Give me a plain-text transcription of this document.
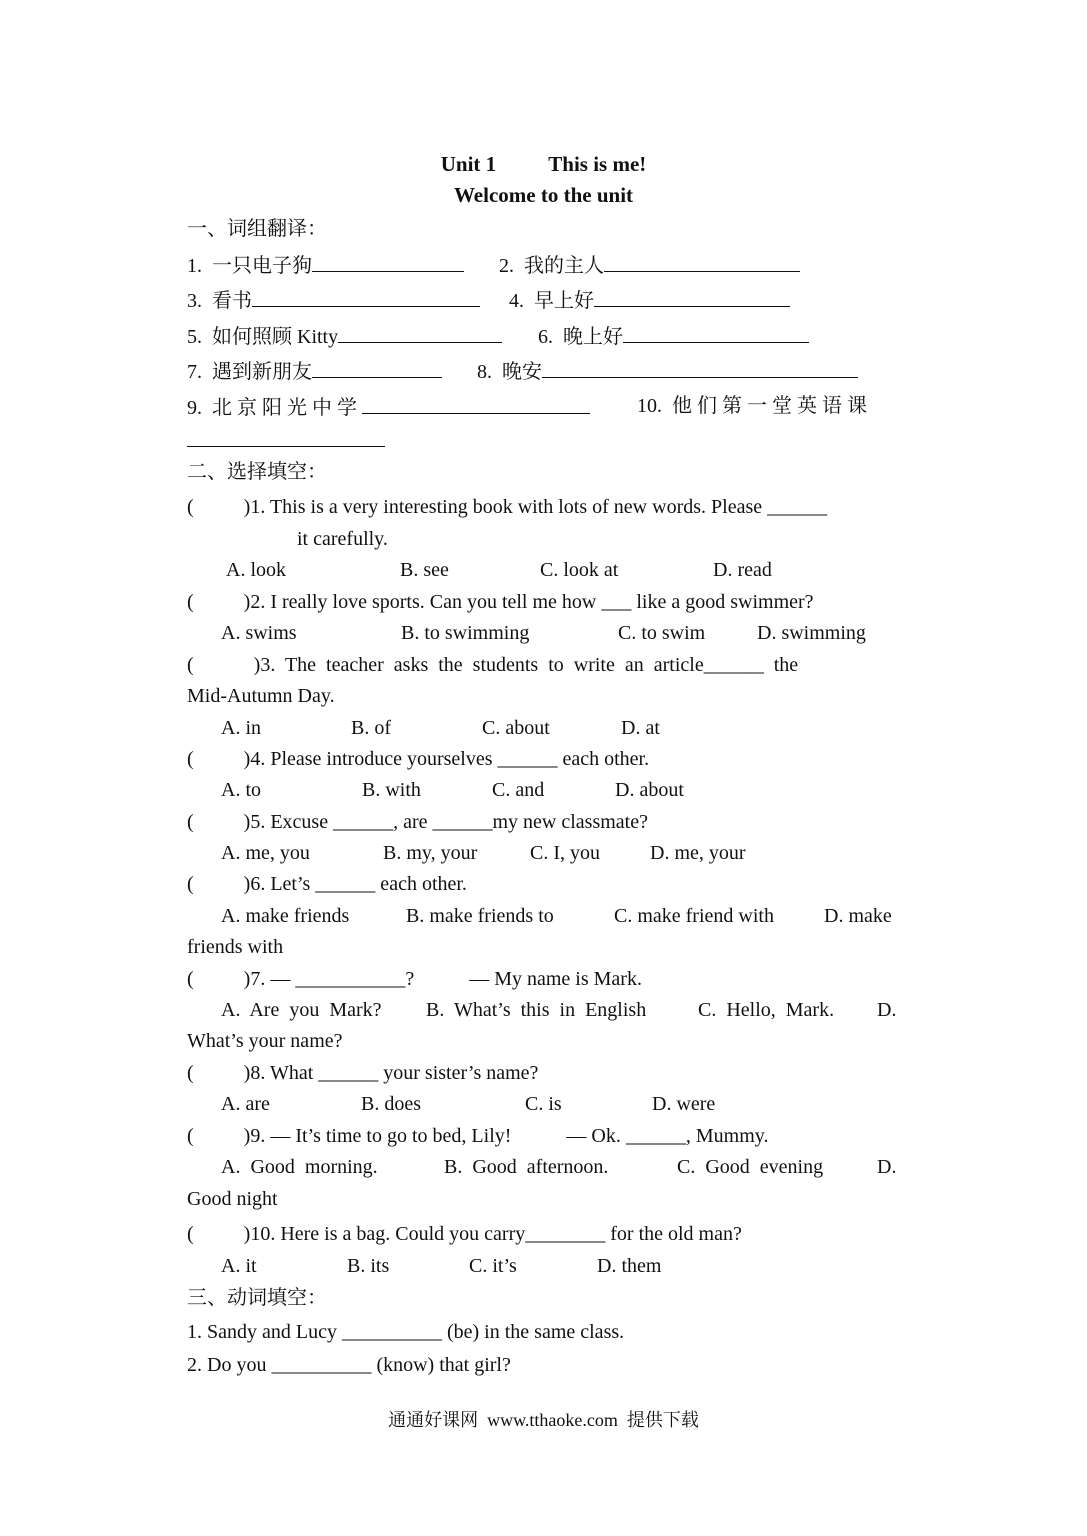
Unit 1          This is me!
Welcome to the unit
一、词组翻译：
1.  一只电子狗	2.  我的主人
3.  看书	4.  早上好
5.  如何照顾 Kitty	6.  晚上好
7.  遇到新朋友	8.  晚安
9.  北 京 阳 光 中 学	10.  他 们 第 一 堂 英 语 课
二、选择填空：
(          )1. This is a very interesting book with lots of new words. Please ______
it carefully.
A. look	B. see	C. look at	D. read
(          )2. I really love sports. Can you tell me how ___ like a good swimmer?
A. swims	B. to swimming	C. to swim	D. swimming
(            )3.  The  teacher  asks  the  students  to  write  an  article______  the
Mid-Autumn Day.
A. in	B. of	C. about	D. at
(          )4. Please introduce yourselves ______ each other.
A. to	B. with	C. and	D. about
(          )5. Excuse ______, are ______my new classmate?
A. me, you	B. my, your	C. I, you	D. me, your
(          )6. Let’s ______ each other.
A. make friends	B. make friends to	C. make friend with	D. make
friends with
(          )7. — ___________?           — My name is Mark.
A.  Are  you  Mark? B.  What’s  this  in  English	C.  Hello,  Mark. D.
What’s your name?
(          )8. What ______ your sister’s name?
A. are	B. does	C. is	D. were
(          )9. — It’s time to go to bed, Lily!           — Ok. ______, Mummy.
A.  Good  morning.	B.  Good  afternoon.	C.  Good  evening	D.
Good night
(          )10. Here is a bag. Could you carry________ for the old man?
A. it	B. its	C. it’s	D. them
三、动词填空：
1. Sandy and Lucy __________ (be) in the same class.
2. Do you __________ (know) that girl?
通通好课网  www.tthaoke.com  提供下载
